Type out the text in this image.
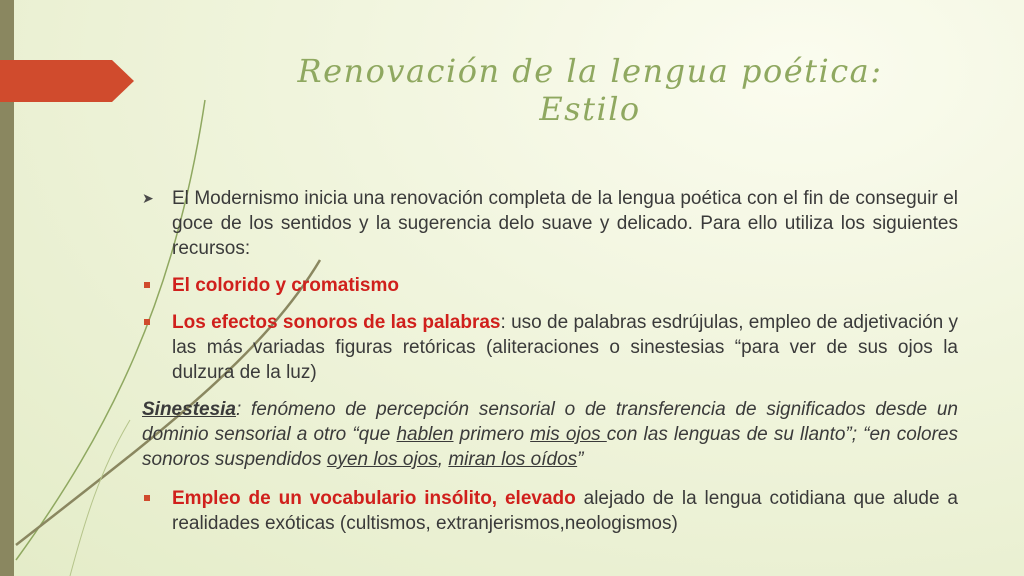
Renovación de la lengua poética:
Estilo
➤ El Modernismo inicia una renovación completa de la lengua poética con el fin de conseguir el goce de los sentidos y la sugerencia delo suave y delicado. Para ello utiliza los siguientes recursos:
El colorido y cromatismo
Los efectos sonoros de las palabras: uso de palabras esdrújulas, empleo de adjetivación y las más variadas figuras retóricas (aliteraciones o sinestesias “para ver de sus ojos la dulzura de la luz)
Sinestesia: fenómeno de percepción sensorial o de transferencia de significados desde un dominio sensorial a otro “que hablen primero mis ojos con las lenguas de su llanto”; “en colores sonoros suspendidos oyen los ojos, miran los oídos”
Empleo de un vocabulario insólito, elevado alejado de la lengua cotidiana que alude a realidades exóticas (cultismos, extranjerismos,neologismos)
